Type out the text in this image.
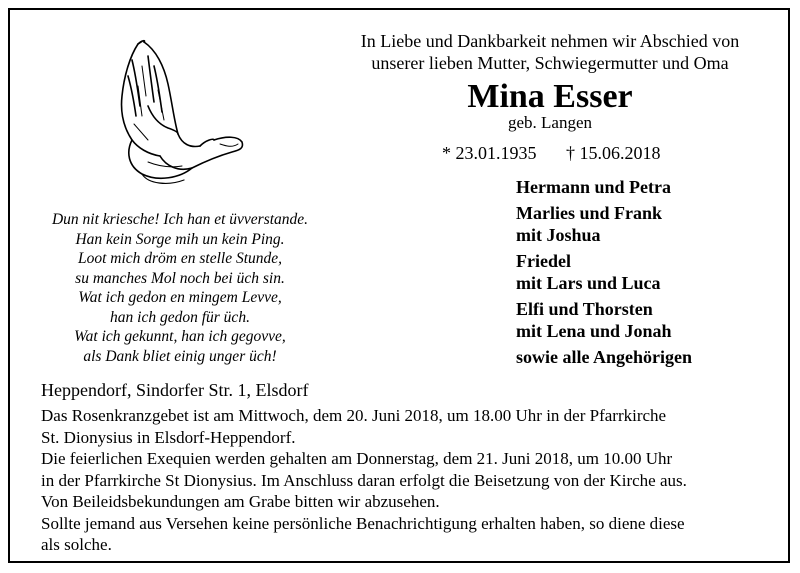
In Liebe und Dankbarkeit nehmen wir Abschied von
unserer lieben Mutter, Schwiegermutter und Oma
Mina Esser
geb. Langen
* 23.01.1935 † 15.06.2018
Dun nit kriesche! Ich han et üvverstande.
Han kein Sorge mih un kein Ping.
Loot mich dröm en stelle Stunde,
su manches Mol noch bei üch sin.
Wat ich gedon en mingem Levve,
han ich gedon für üch.
Wat ich gekunnt, han ich gegovve,
als Dank bliet einig unger üch!
Hermann und Petra
Marlies und Frank
mit Joshua
Friedel
mit Lars und Luca
Elfi und Thorsten
mit Lena und Jonah
sowie alle Angehörigen
Heppendorf, Sindorfer Str. 1, Elsdorf
Das Rosenkranzgebet ist am Mittwoch, dem 20. Juni 2018, um 18.00 Uhr in der Pfarrkirche
St. Dionysius in Elsdorf-Heppendorf.
Die feierlichen Exequien werden gehalten am Donnerstag, dem 21. Juni 2018, um 10.00 Uhr
in der Pfarrkirche St Dionysius. Im Anschluss daran erfolgt die Beisetzung von der Kirche aus.
Von Beileidsbekundungen am Grabe bitten wir abzusehen.
Sollte jemand aus Versehen keine persönliche Benachrichtigung erhalten haben, so diene diese
als solche.
